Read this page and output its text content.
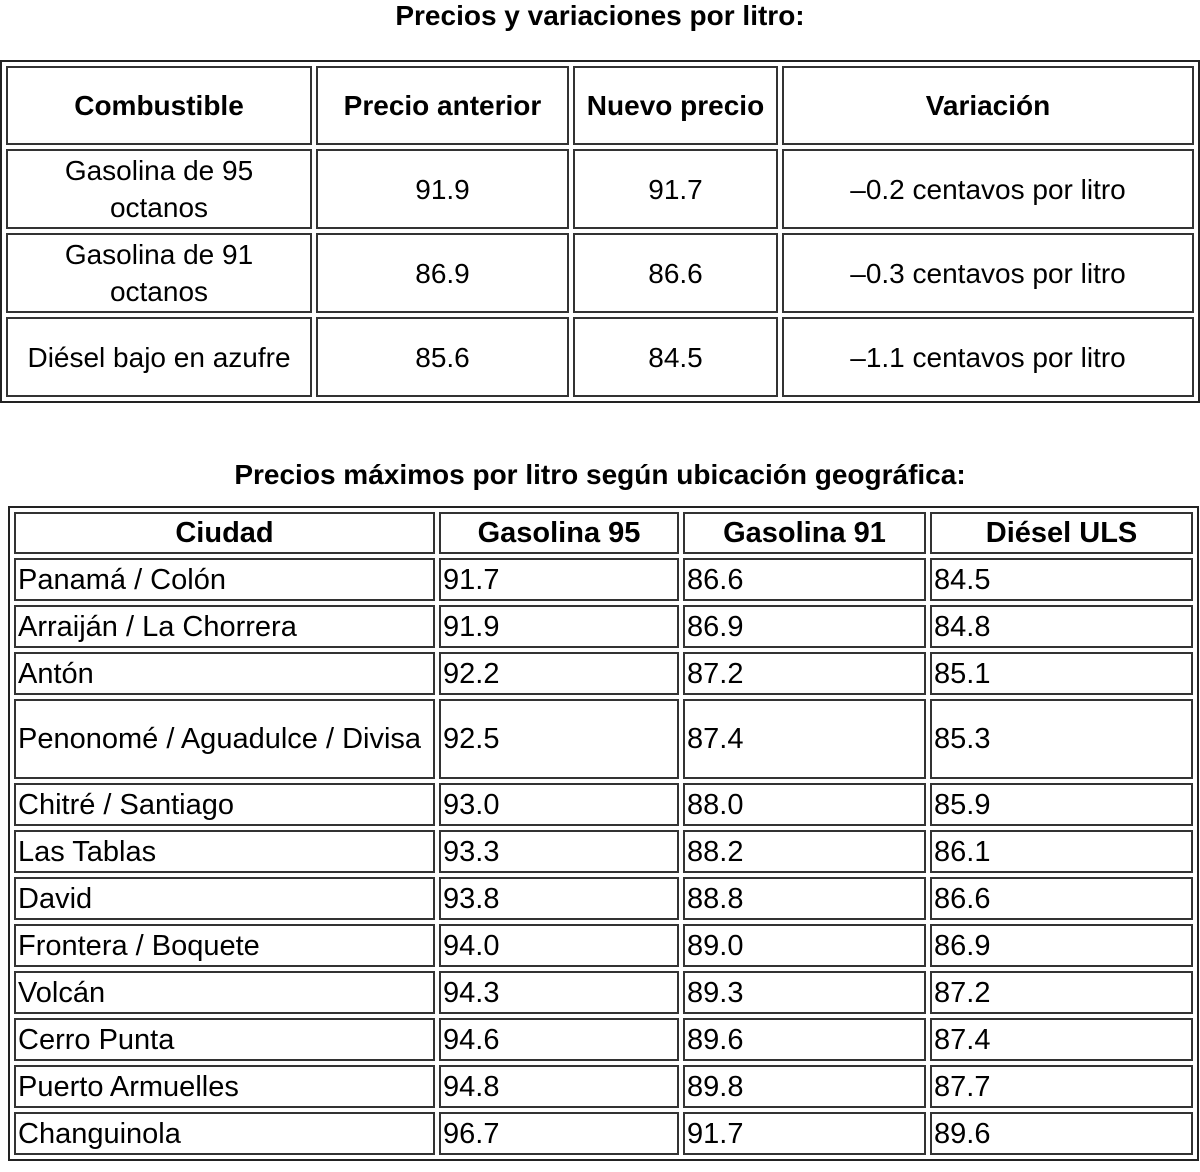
Precios y variaciones por litro:
Combustible	Precio anterior	Nuevo precio	Variación
Gasolina de 95 octanos	91.9	91.7	–0.2 centavos por litro
Gasolina de 91 octanos	86.9	86.6	–0.3 centavos por litro
Diésel bajo en azufre	85.6	84.5	–1.1 centavos por litro
Precios máximos por litro según ubicación geográfica:
Ciudad	Gasolina 95	Gasolina 91	Diésel ULS
Panamá / Colón	91.7	86.6	84.5
Arraiján / La Chorrera	91.9	86.9	84.8
Antón	92.2	87.2	85.1
Penonomé / Aguadulce / Divisa	92.5	87.4	85.3
Chitré / Santiago	93.0	88.0	85.9
Las Tablas	93.3	88.2	86.1
David	93.8	88.8	86.6
Frontera / Boquete	94.0	89.0	86.9
Volcán	94.3	89.3	87.2
Cerro Punta	94.6	89.6	87.4
Puerto Armuelles	94.8	89.8	87.7
Changuinola	96.7	91.7	89.6
